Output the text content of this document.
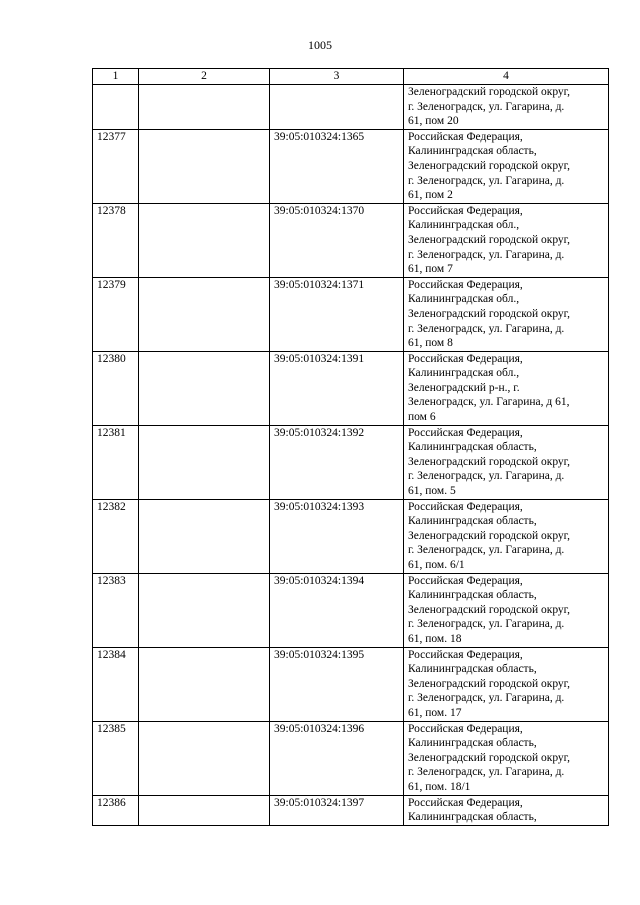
1005
1	2	3	4

			Зеленоградский городской округ,
г. Зеленоградск, ул. Гагарина, д.
61, пом 20

12377		39:05:010324:1365	Российская Федерация,
Калининградская область,
Зеленоградский городской округ,
г. Зеленоградск, ул. Гагарина, д.
61, пом 2

12378		39:05:010324:1370	Российская Федерация,
Калининградская обл.,
Зеленоградский городской округ,
г. Зеленоградск, ул. Гагарина, д.
61, пом 7

12379		39:05:010324:1371	Российская Федерация,
Калининградская обл.,
Зеленоградский городской округ,
г. Зеленоградск, ул. Гагарина, д.
61, пом 8

12380		39:05:010324:1391	Российская Федерация,
Калининградская обл.,
Зеленоградский р-н., г.
Зеленоградск, ул. Гагарина, д 61,
пом 6

12381		39:05:010324:1392	Российская Федерация,
Калининградская область,
Зеленоградский городской округ,
г. Зеленоградск, ул. Гагарина, д.
61, пом. 5

12382		39:05:010324:1393	Российская Федерация,
Калининградская область,
Зеленоградский городской округ,
г. Зеленоградск, ул. Гагарина, д.
61, пом. 6/1

12383		39:05:010324:1394	Российская Федерация,
Калининградская область,
Зеленоградский городской округ,
г. Зеленоградск, ул. Гагарина, д.
61, пом. 18

12384		39:05:010324:1395	Российская Федерация,
Калининградская область,
Зеленоградский городской округ,
г. Зеленоградск, ул. Гагарина, д.
61, пом. 17

12385		39:05:010324:1396	Российская Федерация,
Калининградская область,
Зеленоградский городской округ,
г. Зеленоградск, ул. Гагарина, д.
61, пом. 18/1

12386		39:05:010324:1397	Российская Федерация,
Калининградская область,
